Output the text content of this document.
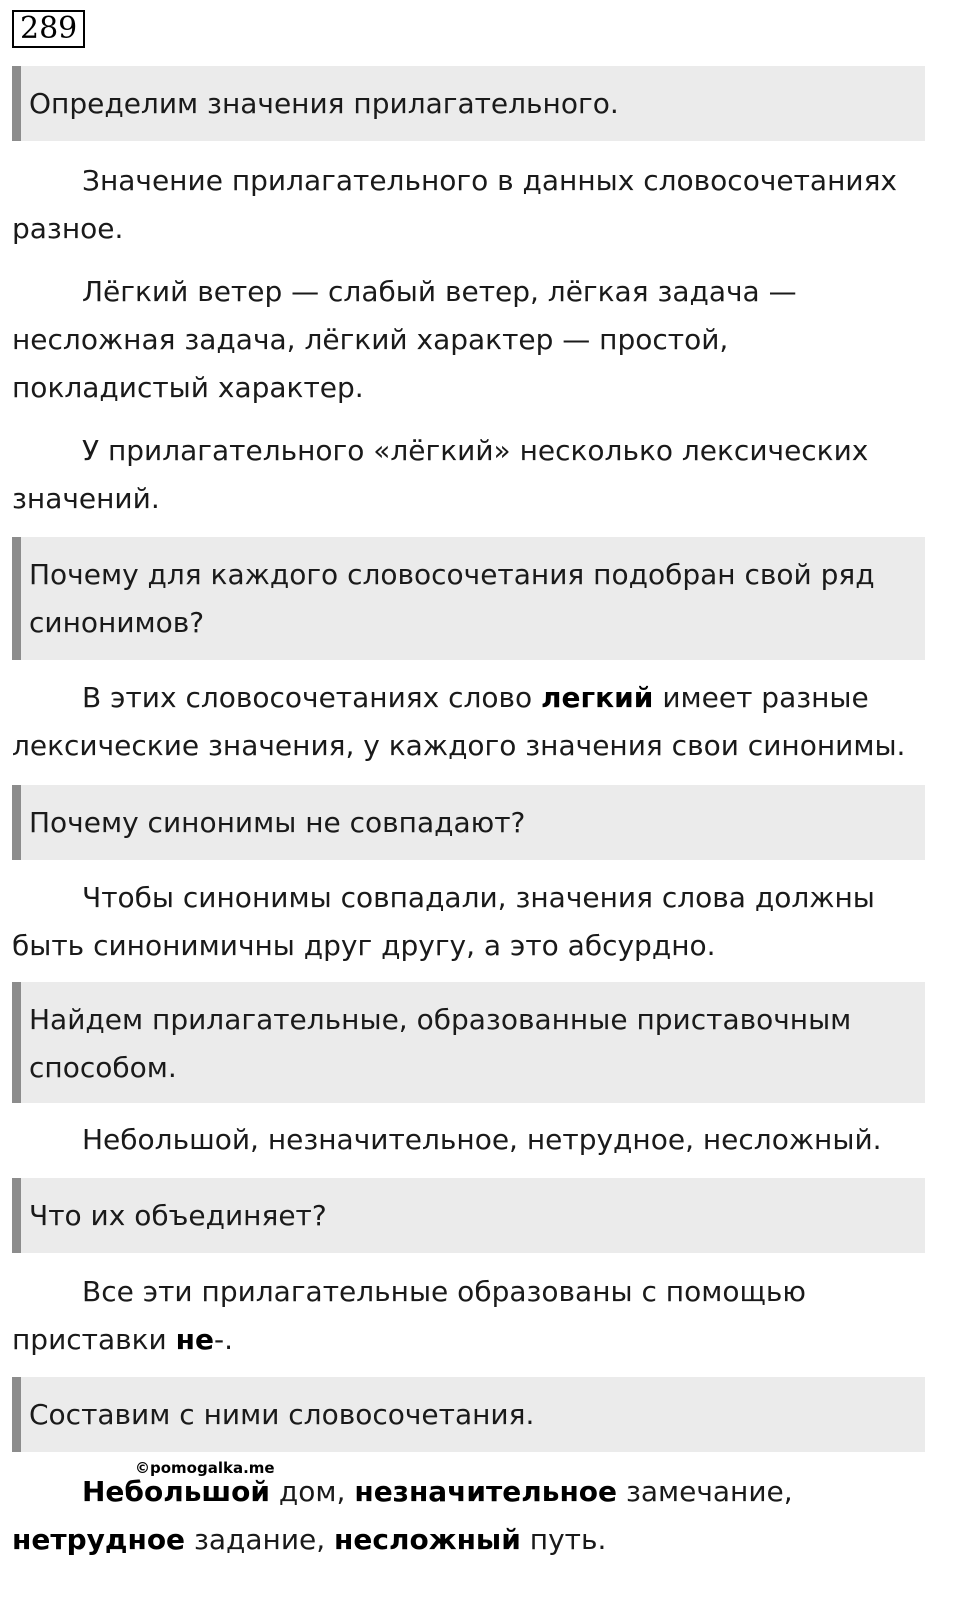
289
Определим значения прилагательного.

Значение прилагательного в данных словосочетаниях разное.

Лёгкий ветер — слабый ветер, лёгкая задача — несложная задача, лёгкий характер — простой, покладистый характер.

У прилагательного «лёгкий» несколько лексических значений.

Почему для каждого словосочетания подобран свой ряд синонимов?

В этих словосочетаниях слово легкий имеет разные лексические значения, у каждого значения свои синонимы.

Почему синонимы не совпадают?

Чтобы синонимы совпадали, значения слова должны быть синонимичны друг другу, а это абсурдно.

Найдем прилагательные, образованные приставочным способом.

Небольшой, незначительное, нетрудное, несложный.

Что их объединяет?

Все эти прилагательные образованы с помощью приставки не-.

Составим с ними словосочетания.
©pomogalka.me

Небольшой дом, незначительное замечание, нетрудное задание, несложный путь.
